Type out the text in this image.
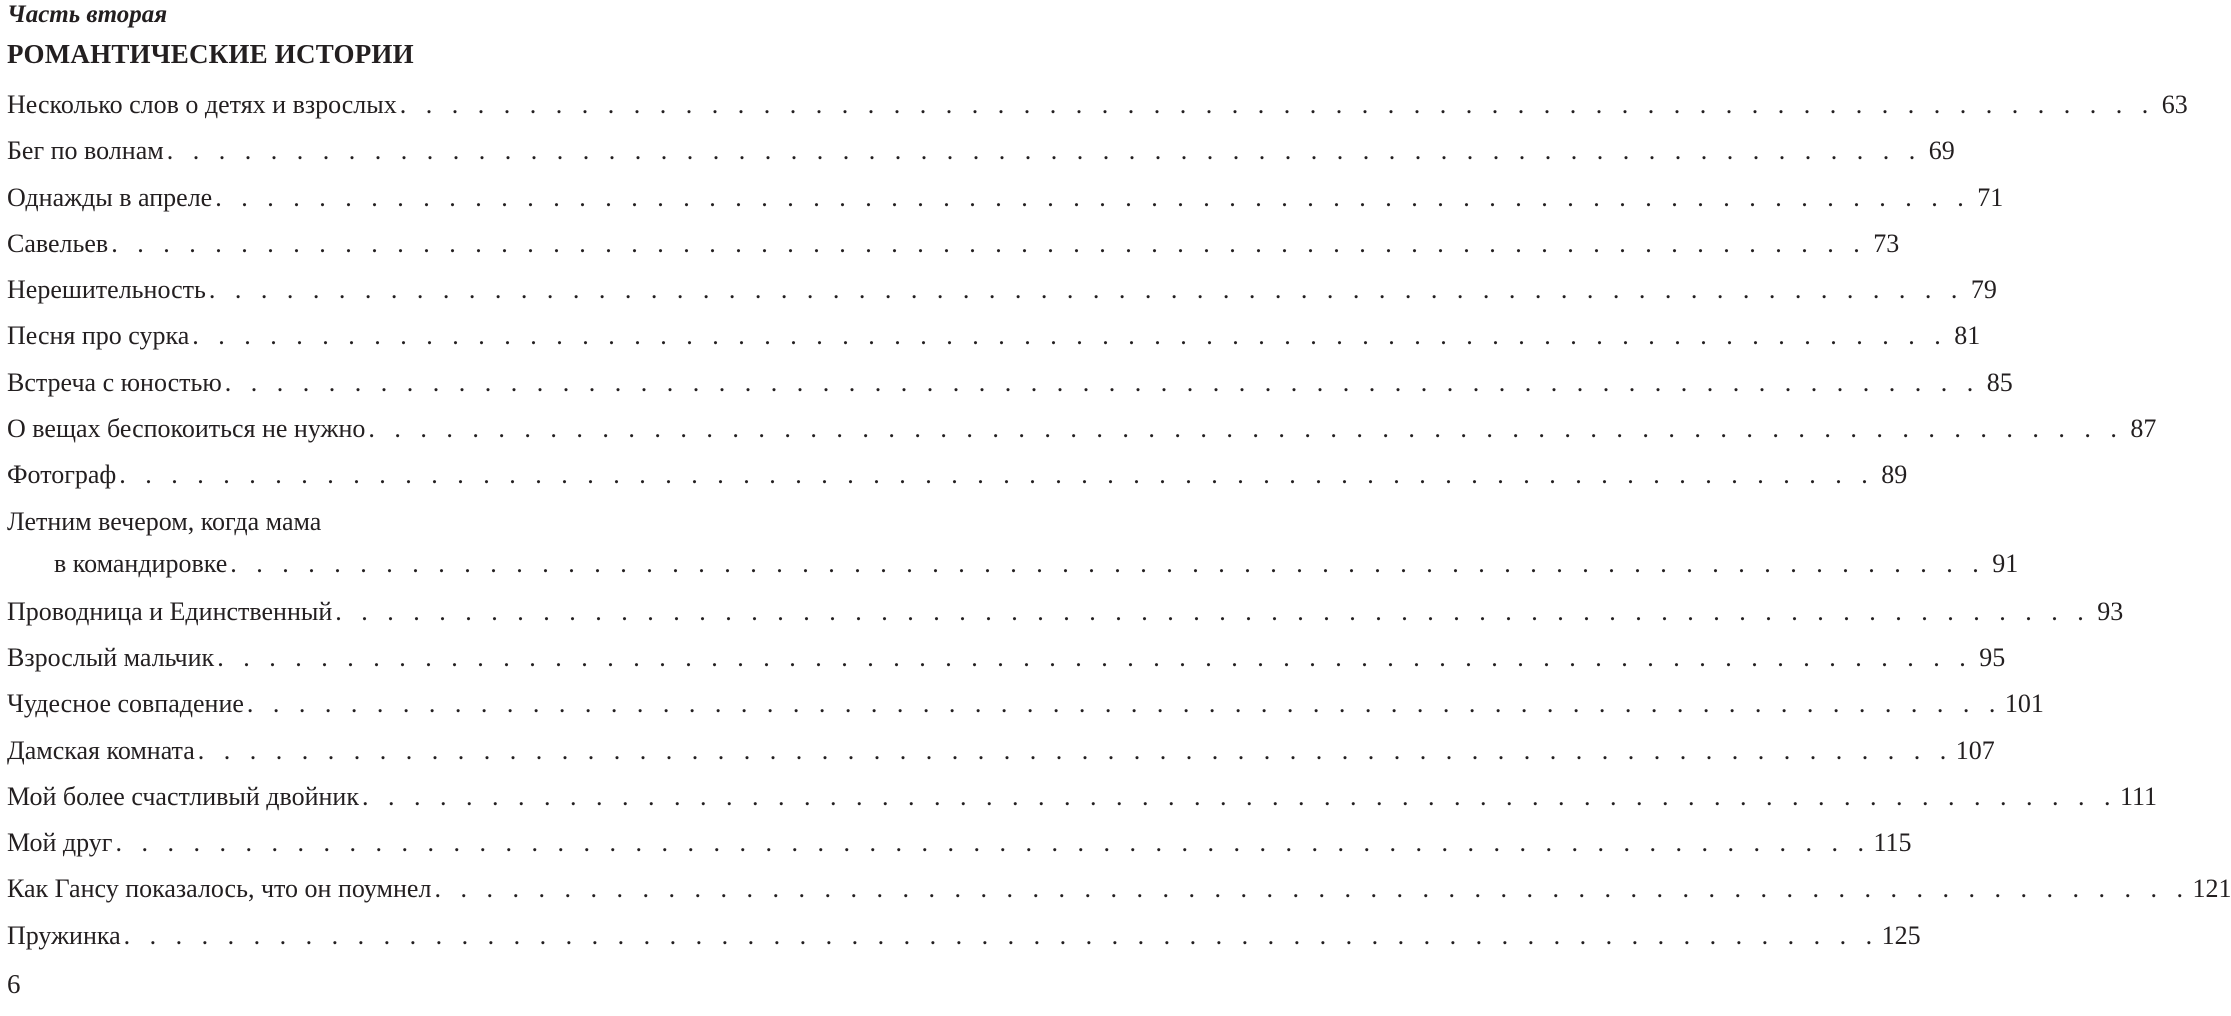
Часть вторая
РОМАНТИЧЕСКИЕ ИСТОРИИ
Несколько слов о детях и взрослых . . . . . . . . . . . . . . . . . . . . . . . . . . . . . . . . . . . . . . . . . . . . . . . . . . . . . . . . . . . . . . . . . . . . 63
Бег по волнам . . . . . . . . . . . . . . . . . . . . . . . . . . . . . . . . . . . . . . . . . . . . . . . . . . . . . . . . . . . . . . . . . . . . 69
Однажды в апреле . . . . . . . . . . . . . . . . . . . . . . . . . . . . . . . . . . . . . . . . . . . . . . . . . . . . . . . . . . . . . . . . . . . . 71
Савельев . . . . . . . . . . . . . . . . . . . . . . . . . . . . . . . . . . . . . . . . . . . . . . . . . . . . . . . . . . . . . . . . . . . . 73
Нерешительность . . . . . . . . . . . . . . . . . . . . . . . . . . . . . . . . . . . . . . . . . . . . . . . . . . . . . . . . . . . . . . . . . . . . 79
Песня про сурка . . . . . . . . . . . . . . . . . . . . . . . . . . . . . . . . . . . . . . . . . . . . . . . . . . . . . . . . . . . . . . . . . . . . 81
Встреча с юностью . . . . . . . . . . . . . . . . . . . . . . . . . . . . . . . . . . . . . . . . . . . . . . . . . . . . . . . . . . . . . . . . . . . . 85
О вещах беспокоиться не нужно . . . . . . . . . . . . . . . . . . . . . . . . . . . . . . . . . . . . . . . . . . . . . . . . . . . . . . . . . . . . . . . . . . . . 87
Фотограф . . . . . . . . . . . . . . . . . . . . . . . . . . . . . . . . . . . . . . . . . . . . . . . . . . . . . . . . . . . . . . . . . . . . 89
Летним вечером, когда мама
в командировке . . . . . . . . . . . . . . . . . . . . . . . . . . . . . . . . . . . . . . . . . . . . . . . . . . . . . . . . . . . . . . . . . . . . 91
Проводница и Единственный . . . . . . . . . . . . . . . . . . . . . . . . . . . . . . . . . . . . . . . . . . . . . . . . . . . . . . . . . . . . . . . . . . . . 93
Взрослый мальчик . . . . . . . . . . . . . . . . . . . . . . . . . . . . . . . . . . . . . . . . . . . . . . . . . . . . . . . . . . . . . . . . . . . . 95
Чудесное совпадение . . . . . . . . . . . . . . . . . . . . . . . . . . . . . . . . . . . . . . . . . . . . . . . . . . . . . . . . . . . . . . . . . . . . 101
Дамская комната . . . . . . . . . . . . . . . . . . . . . . . . . . . . . . . . . . . . . . . . . . . . . . . . . . . . . . . . . . . . . . . . . . . . 107
Мой более счастливый двойник . . . . . . . . . . . . . . . . . . . . . . . . . . . . . . . . . . . . . . . . . . . . . . . . . . . . . . . . . . . . . . . . . . . . 111
Мой друг . . . . . . . . . . . . . . . . . . . . . . . . . . . . . . . . . . . . . . . . . . . . . . . . . . . . . . . . . . . . . . . . . . . . 115
Как Гансу показалось, что он поумнел . . . . . . . . . . . . . . . . . . . . . . . . . . . . . . . . . . . . . . . . . . . . . . . . . . . . . . . . . . . . . . . . . . . . 121
Пружинка . . . . . . . . . . . . . . . . . . . . . . . . . . . . . . . . . . . . . . . . . . . . . . . . . . . . . . . . . . . . . . . . . . . . 125
6
